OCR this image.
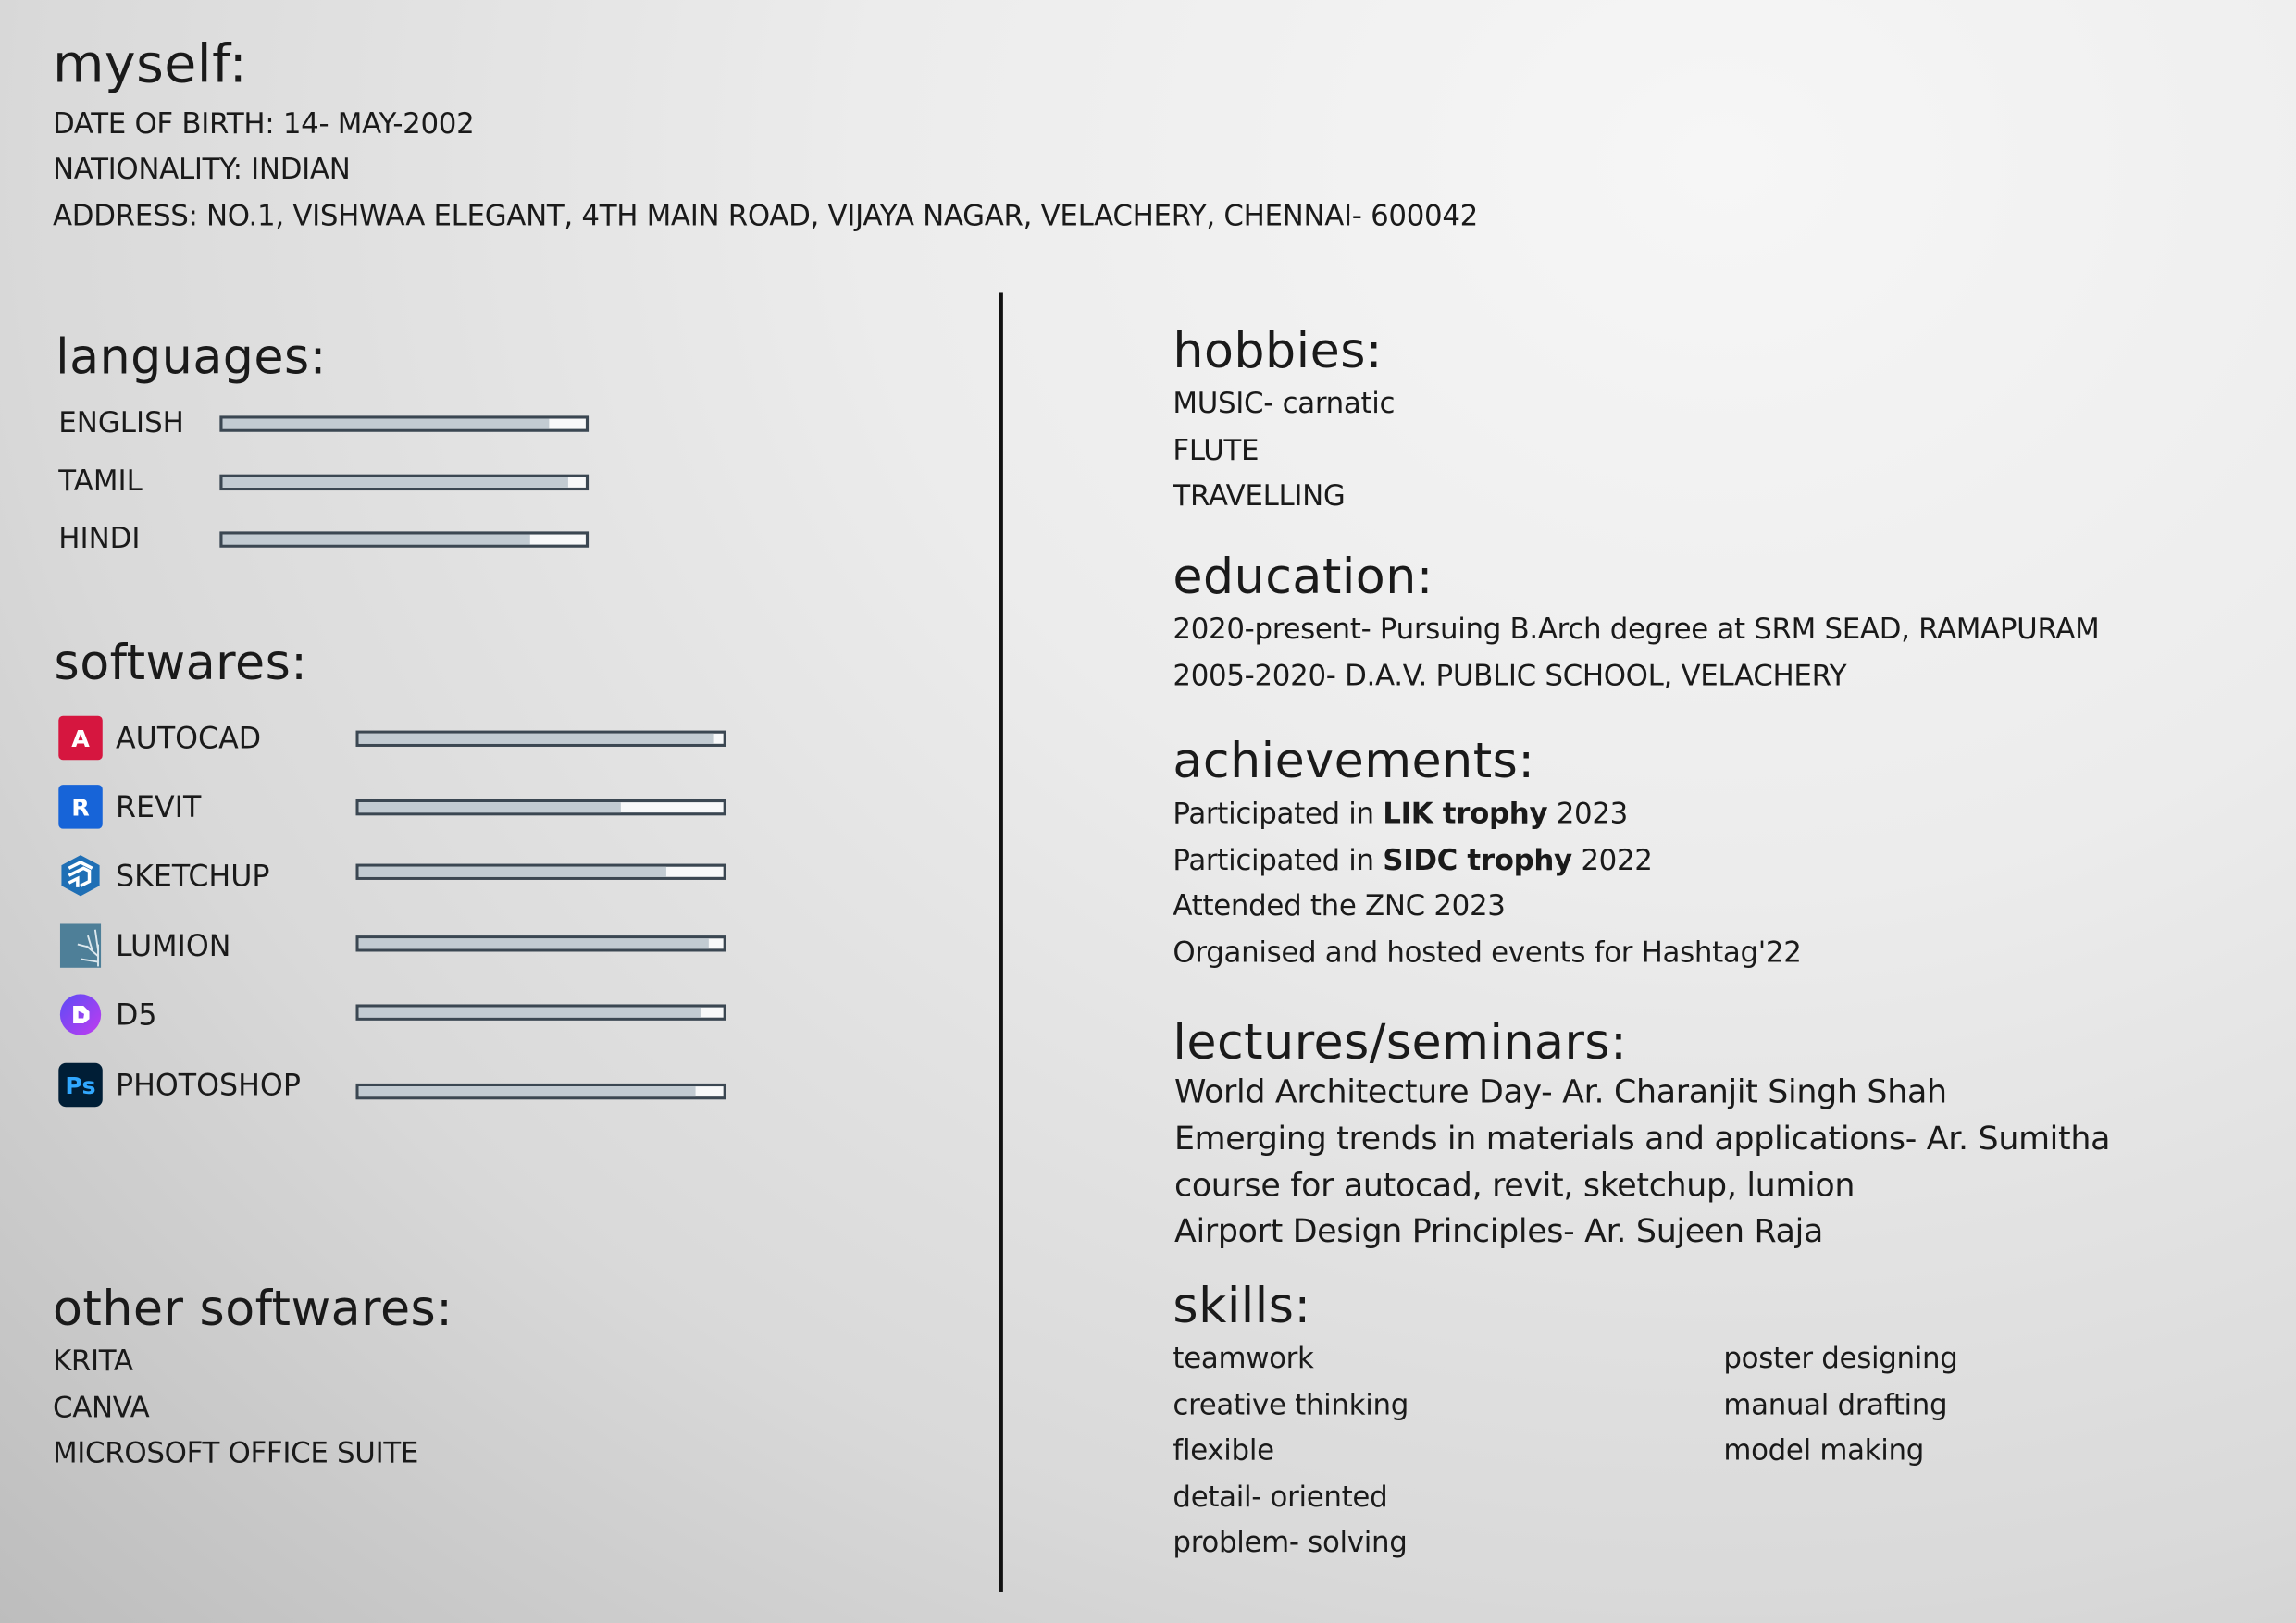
myself:
DATE OF BIRTH: 14- MAY-2002
NATIONALITY: INDIAN
ADDRESS: NO.1, VISHWAA ELEGANT, 4TH MAIN ROAD, VIJAYA NAGAR, VELACHERY, CHENNAI- 600042
languages:
ENGLISH
TAMIL
HINDI
softwares:
A	AUTOCAD
R	REVIT
SKETCHUP
LUMION
D5
Ps	PHOTOSHOP
other softwares:
KRITA
CANVA
MICROSOFT OFFICE SUITE
hobbies:
MUSIC- carnatic
FLUTE
TRAVELLING
education:
2020-present- Pursuing B.Arch degree at SRM SEAD, RAMAPURAM
2005-2020- D.A.V. PUBLIC SCHOOL, VELACHERY
achievements:
Participated in LIK trophy 2023
Participated in SIDC trophy 2022
Attended the ZNC 2023
Organised and hosted events for Hashtag'22
lectures/seminars:
World Architecture Day- Ar. Charanjit Singh Shah
Emerging trends in materials and applications- Ar. Sumitha
course for autocad, revit, sketchup, lumion
Airport Design Principles- Ar. Sujeen Raja
skills:
teamwork
creative thinking
flexible
detail- oriented
problem- solving
poster designing
manual drafting
model making
